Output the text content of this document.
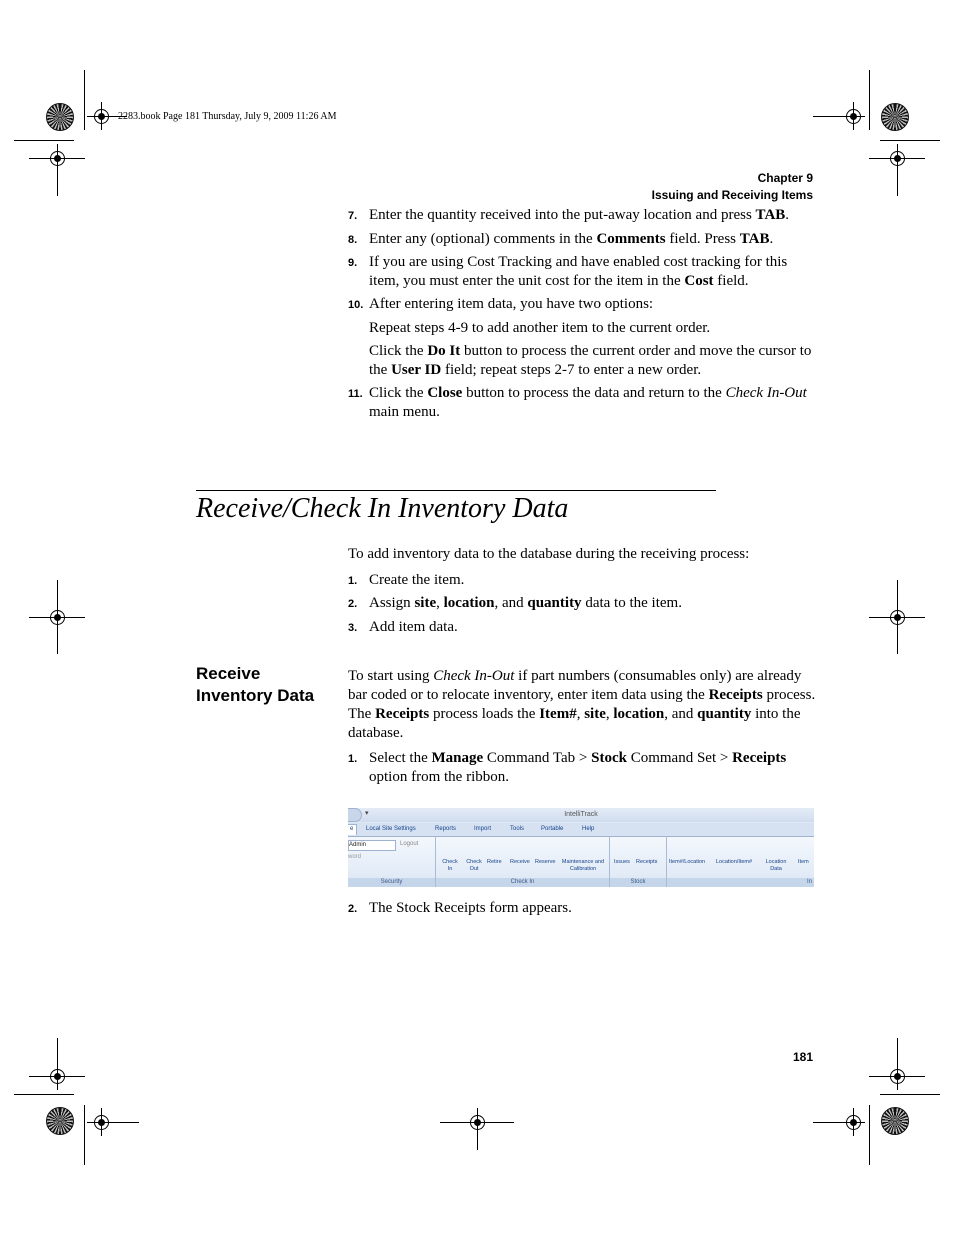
2283.book Page 181 Thursday, July 9, 2009 11:26 AM
Chapter 9
Issuing and Receiving Items
7. Enter the quantity received into the put-away location and press TAB.
8. Enter any (optional) comments in the Comments field. Press TAB.
9. If you are using Cost Tracking and have enabled cost tracking for this item, you must enter the unit cost for the item in the Cost field.
10. After entering item data, you have two options:
Repeat steps 4-9 to add another item to the current order.
Click the Do It button to process the current order and move the cursor to the User ID field; repeat steps 2-7 to enter a new order.
11. Click the Close button to process the data and return to the Check In-Out main menu.
Receive/Check In Inventory Data
To add inventory data to the database during the receiving process:
1. Create the item.
2. Assign site, location, and quantity data to the item.
3. Add item data.
Receive Inventory Data
To start using Check In-Out if part numbers (consumables only) are already bar coded or to relocate inventory, enter item data using the Receipts process. The Receipts process loads the Item#, site, location, and quantity into the database.
1. Select the Manage Command Tab > Stock Command Set > Receipts option from the ribbon.
▾	IntelliTrack
e	Local Site Settings	Reports	Import	Tools	Portable	Help
Security
Admin	Logout
word
Check In
Check In
Check Out
Retire Receive Reserve	Maintenance and Calibration
Stock
Issues Receipts
In
Item#/Location Location/Item#	Location Data
Item
2. The Stock Receipts form appears.
181
